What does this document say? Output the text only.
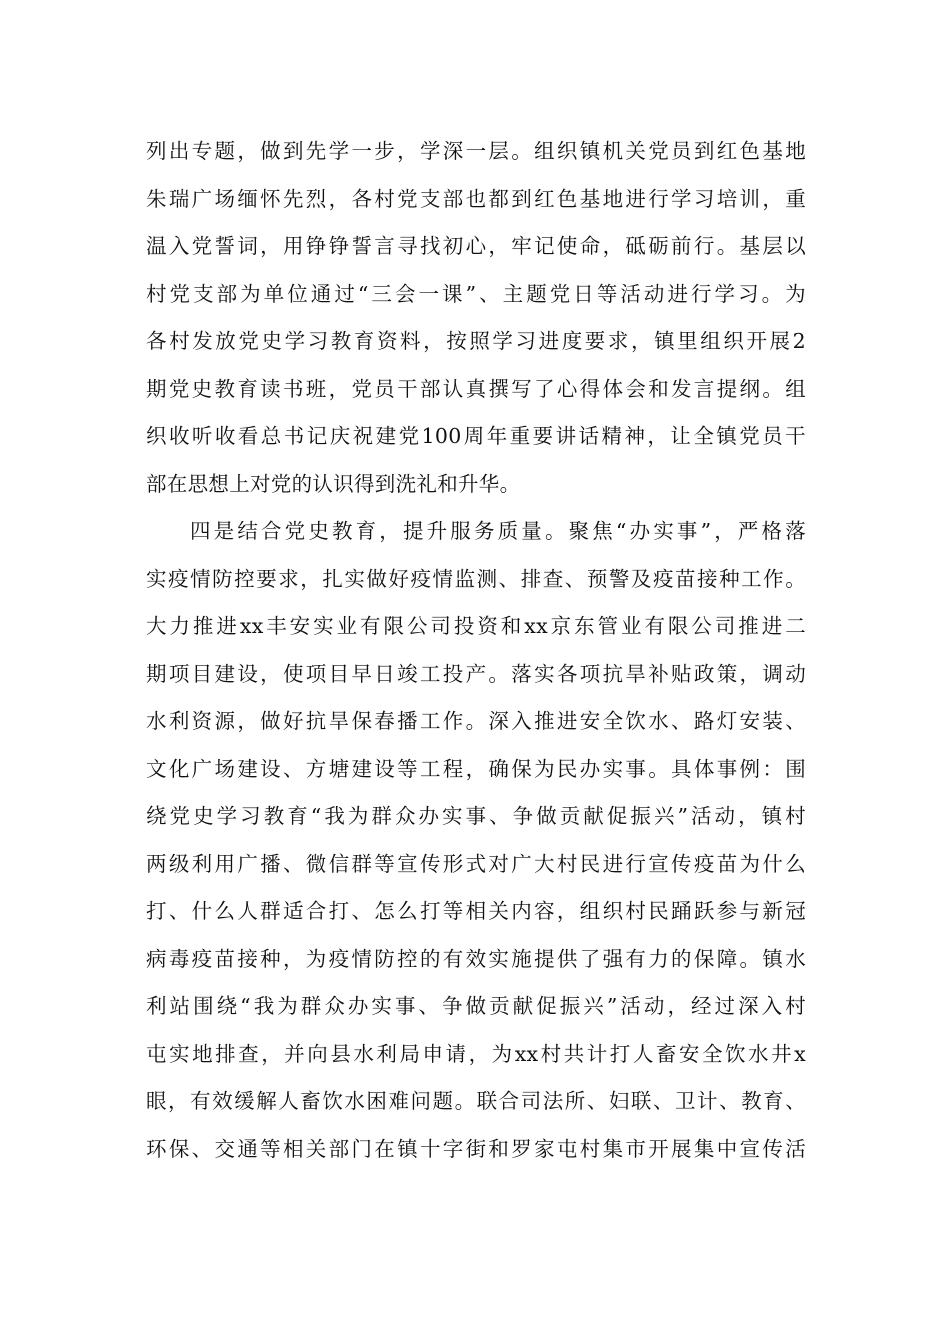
列出专题，做到先学一步，学深一层。组织镇机关党员到红色基地
朱瑞广场缅怀先烈，各村党支部也都到红色基地进行学习培训，重
温入党誓词，用铮铮誓言寻找初心，牢记使命，砥砺前行。基层以
村党支部为单位通过“三会一课”、主题党日等活动进行学习。为
各村发放党史学习教育资料，按照学习进度要求，镇里组织开展2
期党史教育读书班，党员干部认真撰写了心得体会和发言提纲。组
织收听收看总书记庆祝建党100周年重要讲话精神，让全镇党员干
部在思想上对党的认识得到洗礼和升华。
四是结合党史教育，提升服务质量。聚焦“办实事”，严格落
实疫情防控要求，扎实做好疫情监测、排查、预警及疫苗接种工作。
大力推进xx丰安实业有限公司投资和xx京东管业有限公司推进二
期项目建设，使项目早日竣工投产。落实各项抗旱补贴政策，调动
水利资源，做好抗旱保春播工作。深入推进安全饮水、路灯安装、
文化广场建设、方塘建设等工程，确保为民办实事。具体事例：围
绕党史学习教育“我为群众办实事、争做贡献促振兴”活动，镇村
两级利用广播、微信群等宣传形式对广大村民进行宣传疫苗为什么
打、什么人群适合打、怎么打等相关内容，组织村民踊跃参与新冠
病毒疫苗接种，为疫情防控的有效实施提供了强有力的保障。镇水
利站围绕“我为群众办实事、争做贡献促振兴”活动，经过深入村
屯实地排查，并向县水利局申请，为xx村共计打人畜安全饮水井x
眼，有效缓解人畜饮水困难问题。联合司法所、妇联、卫计、教育、
环保、交通等相关部门在镇十字街和罗家屯村集市开展集中宣传活
